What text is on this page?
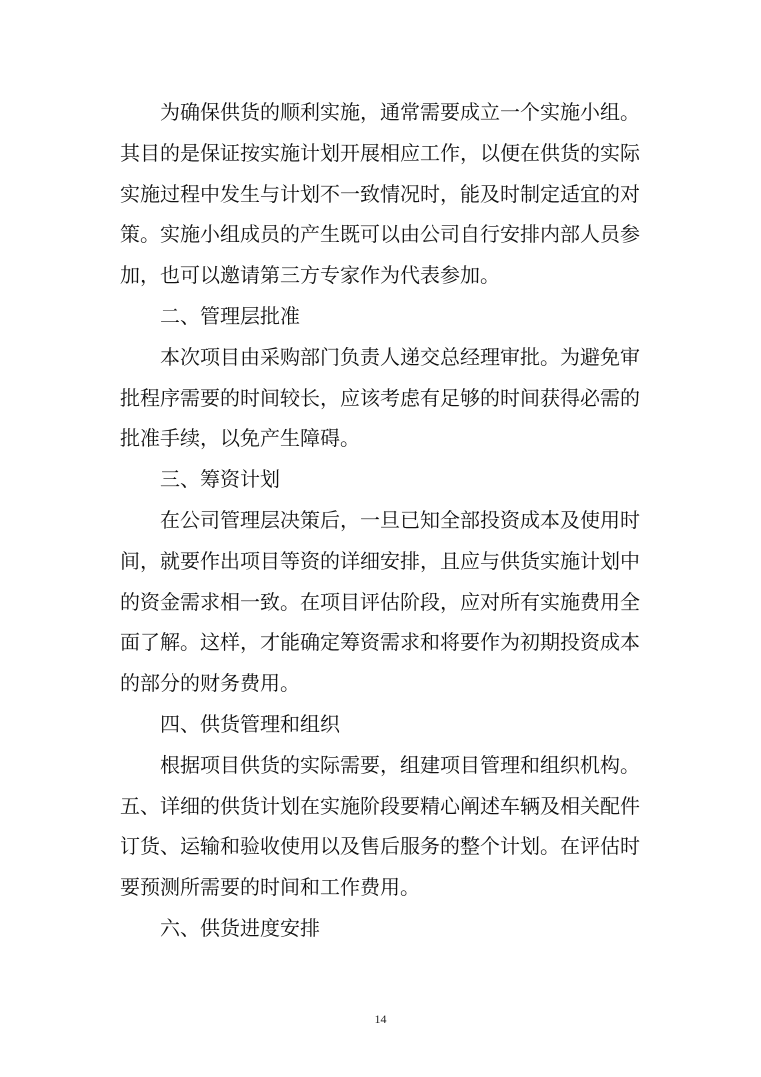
为确保供货的顺利实施，通常需要成立一个实施小组。其目的是保证按实施计划开展相应工作，以便在供货的实际实施过程中发生与计划不一致情况时，能及时制定适宜的对策。实施小组成员的产生既可以由公司自行安排内部人员参加，也可以邀请第三方专家作为代表参加。

二、管理层批准

本次项目由采购部门负责人递交总经理审批。为避免审批程序需要的时间较长，应该考虑有足够的时间获得必需的批准手续，以免产生障碍。

三、筹资计划

在公司管理层决策后，一旦已知全部投资成本及使用时间，就要作出项目等资的详细安排，且应与供货实施计划中的资金需求相一致。在项目评估阶段，应对所有实施费用全面了解。这样，才能确定筹资需求和将要作为初期投资成本的部分的财务费用。

四、供货管理和组织

根据项目供货的实际需要，组建项目管理和组织机构。五、详细的供货计划在实施阶段要精心阐述车辆及相关配件订货、运输和验收使用以及售后服务的整个计划。在评估时要预测所需要的时间和工作费用。

六、供货进度安排
14
